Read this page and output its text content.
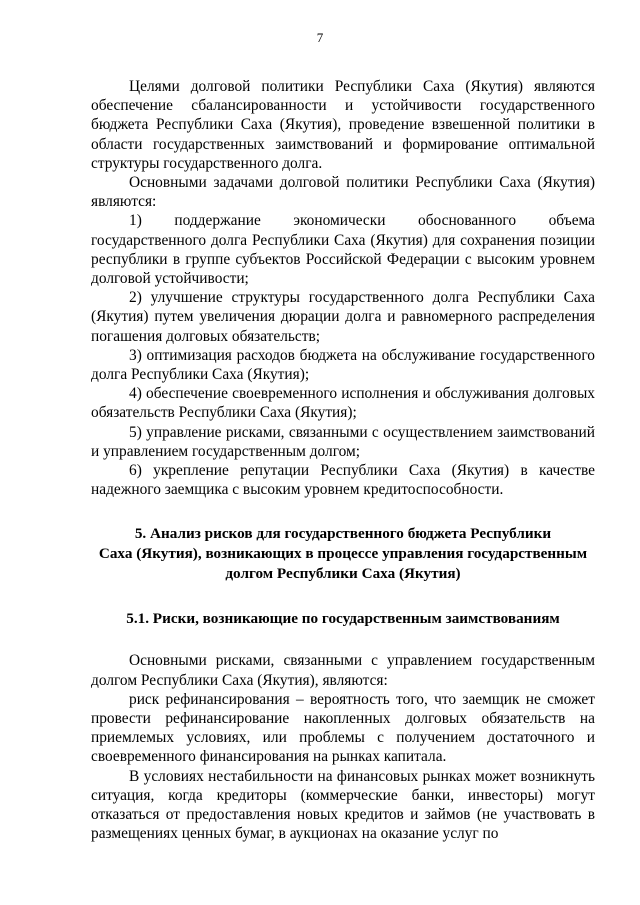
7

Целями долговой политики Республики Саха (Якутия) являются обеспечение сбалансированности и устойчивости государственного бюджета Республики Саха (Якутия), проведение взвешенной политики в области государственных заимствований и формирование оптимальной структуры государственного долга.

Основными задачами долговой политики Республики Саха (Якутия) являются:

1) поддержание экономически обоснованного объема государственного долга Республики Саха (Якутия) для сохранения позиции республики в группе субъектов Российской Федерации с высоким уровнем долговой устойчивости;

2) улучшение структуры государственного долга Республики Саха (Якутия) путем увеличения дюрации долга и равномерного распределения погашения долговых обязательств;

3) оптимизация расходов бюджета на обслуживание государственного долга Республики Саха (Якутия);

4) обеспечение своевременного исполнения и обслуживания долговых обязательств Республики Саха (Якутия);

5) управление рисками, связанными с осуществлением заимствований и управлением государственным долгом;

6) укрепление репутации Республики Саха (Якутия) в качестве надежного заемщика с высоким уровнем кредитоспособности.

5. Анализ рисков для государственного бюджета Республики
Саха (Якутия), возникающих в процессе управления государственным
долгом Республики Саха (Якутия)
5.1. Риски, возникающие по государственным заимствованиям

Основными рисками, связанными с управлением государственным долгом Республики Саха (Якутия), являются:

риск рефинансирования – вероятность того, что заемщик не сможет провести рефинансирование накопленных долговых обязательств на приемлемых условиях, или проблемы с получением достаточного и своевременного финансирования на рынках капитала.

В условиях нестабильности на финансовых рынках может возникнуть ситуация, когда кредиторы (коммерческие банки, инвесторы) могут отказаться от предоставления новых кредитов и займов (не участвовать в размещениях ценных бумаг, в аукционах на оказание услуг по
